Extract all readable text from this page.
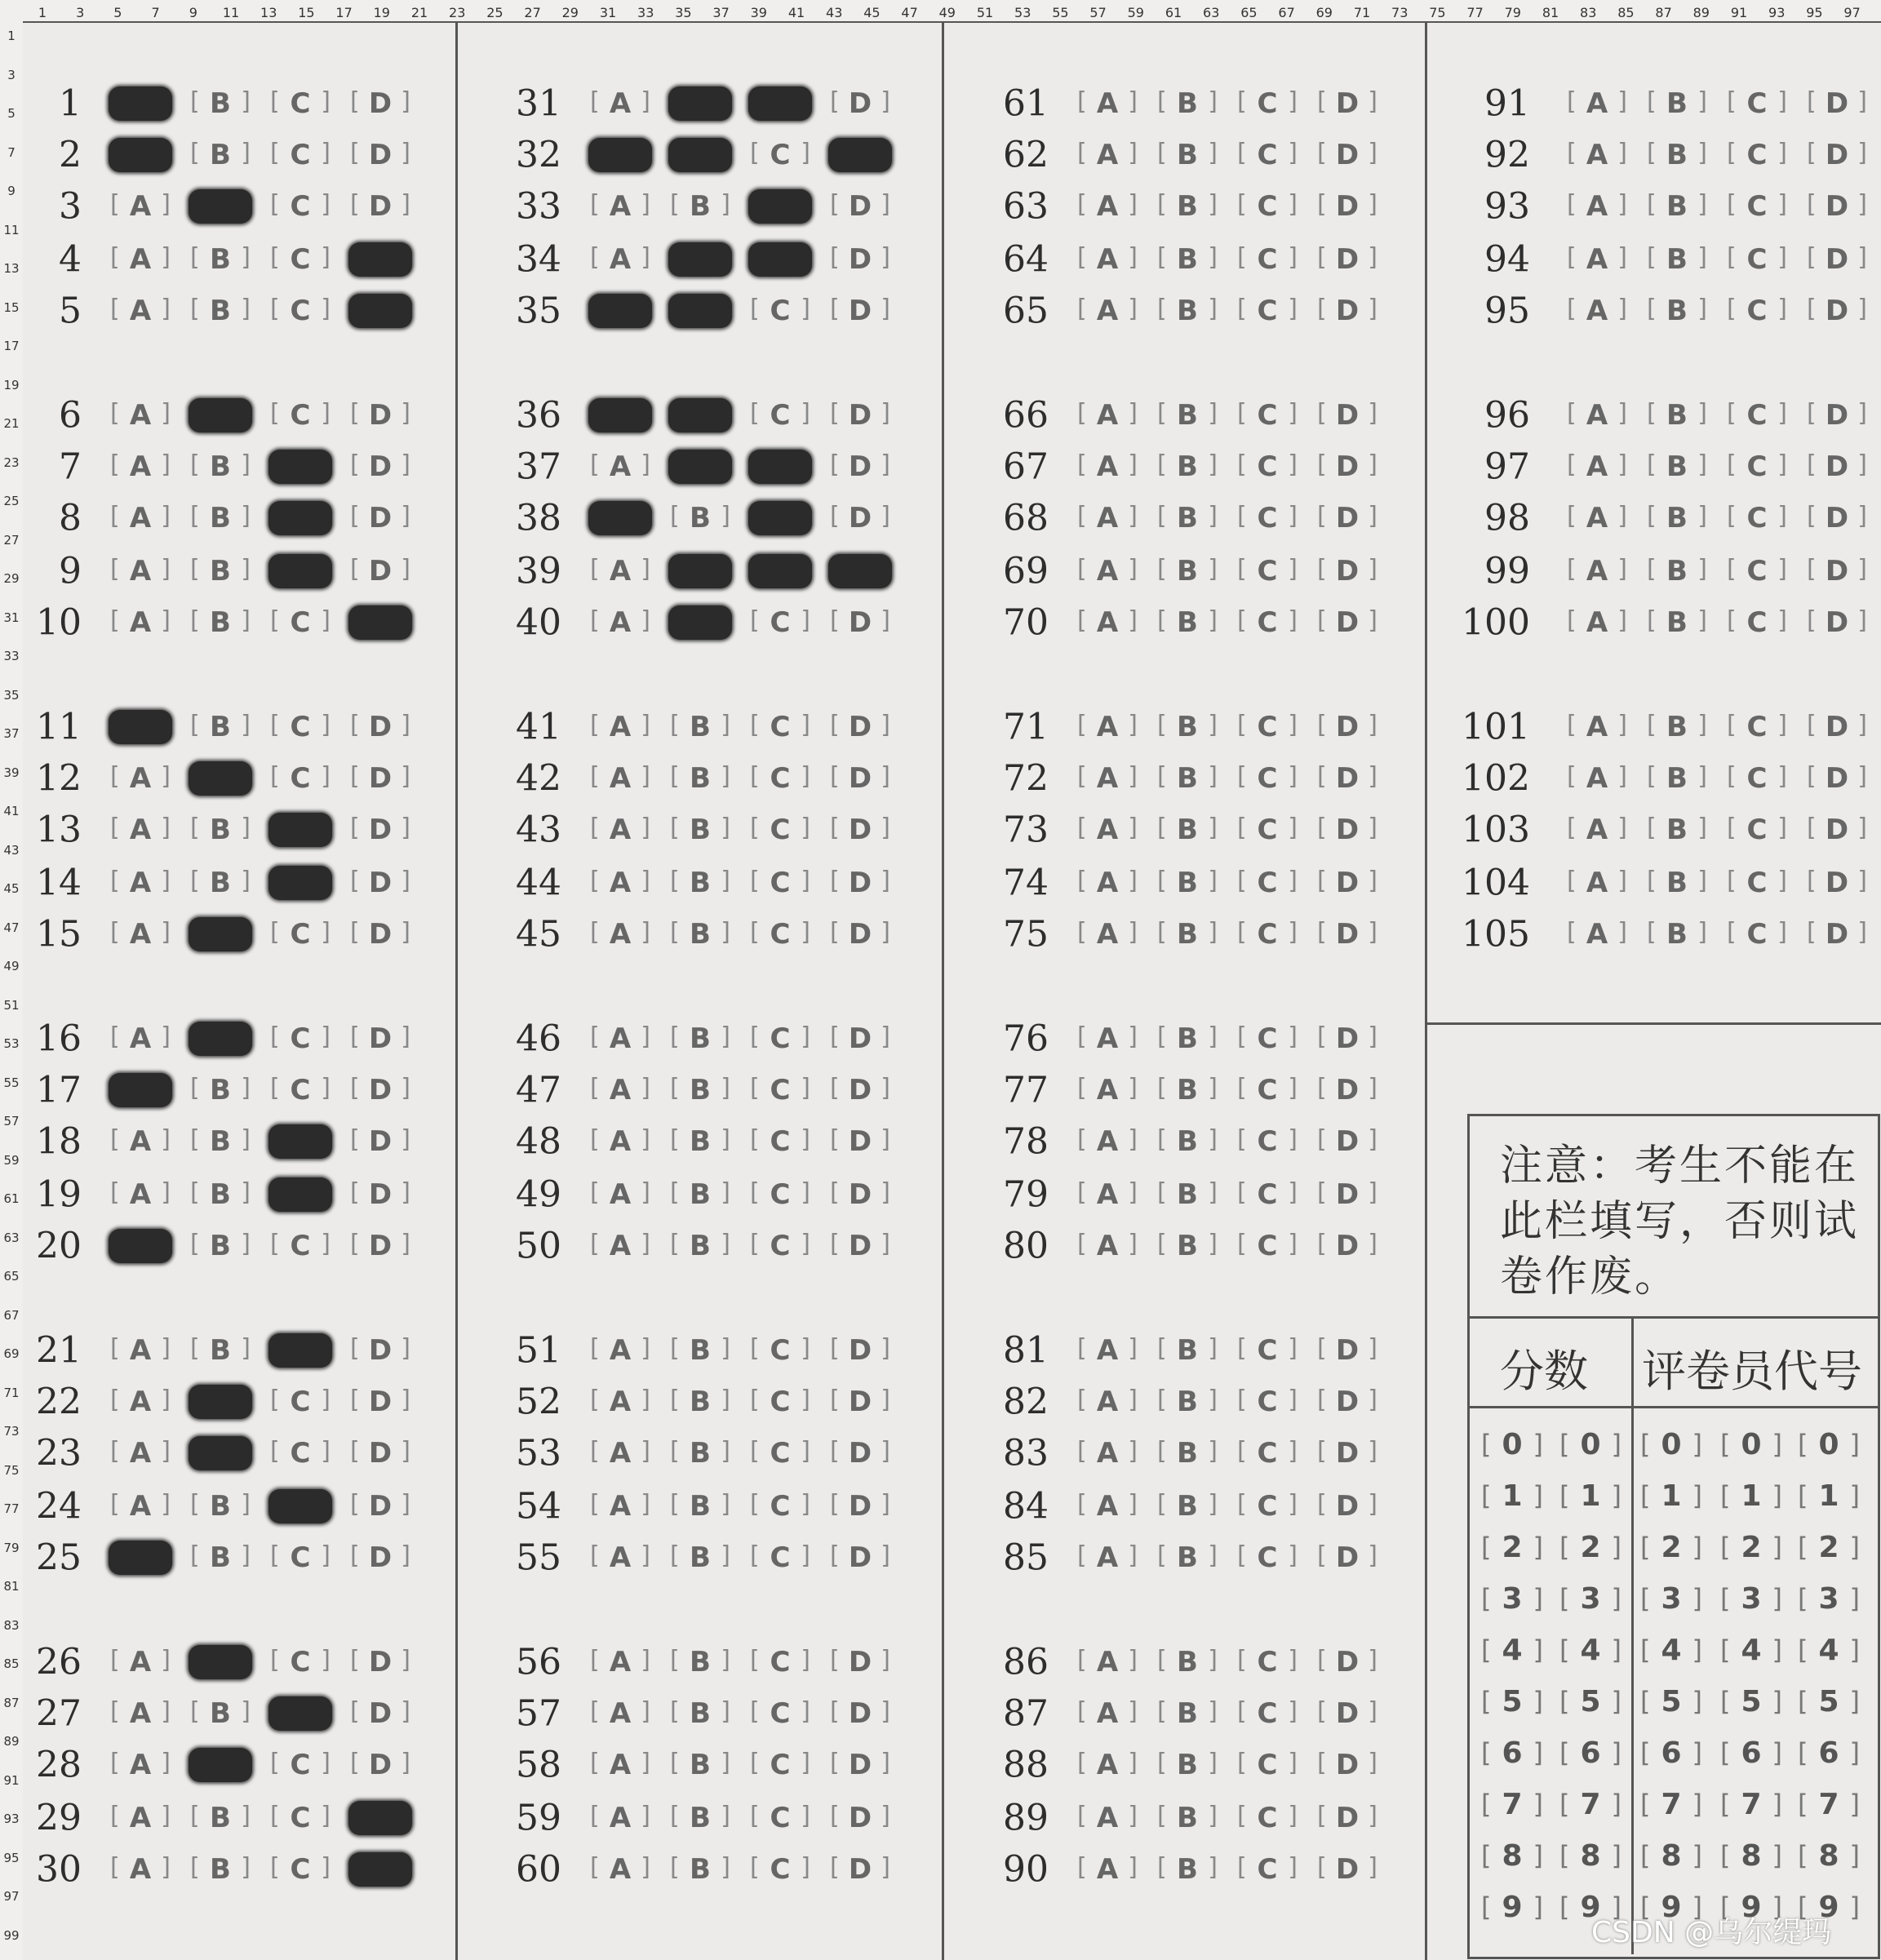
1 3 5 7 9 11 13 15 17 19 21 23 25 27 29 31 33 35 37 39 41 43 45 47 49 51 53 55 57 59 61 63 65 67 69 71 73 75 77 79 81 83 85 87 89 91 93 95 97
1
3
5
7
9
11
13
15
17
19
21
23
25
27
29
31
33
35
37
39
41
43
45
47
49
51
53
55
57
59
61
63
65
67
69
71
73
75
77
79
81
83
85
87
89
91
93
95
97
99
1	[ B ]	[ C ]	[ D ]
2	[ B ]	[ C ]	[ D ]
3	[ A ]	[ C ]	[ D ]
4	[ A ]	[ B ]	[ C ]
5	[ A ]	[ B ]	[ C ]
6	[ A ]	[ C ]	[ D ]
7	[ A ]	[ B ]	[ D ]
8	[ A ]	[ B ]	[ D ]
9	[ A ]	[ B ]	[ D ]
10	[ A ]	[ B ]	[ C ]
11	[ B ]	[ C ]	[ D ]
12	[ A ]	[ C ]	[ D ]
13	[ A ]	[ B ]	[ D ]
14	[ A ]	[ B ]	[ D ]
15	[ A ]	[ C ]	[ D ]
16	[ A ]	[ C ]	[ D ]
17	[ B ]	[ C ]	[ D ]
18	[ A ]	[ B ]	[ D ]
19	[ A ]	[ B ]	[ D ]
20	[ B ]	[ C ]	[ D ]
21	[ A ]	[ B ]	[ D ]
22	[ A ]	[ C ]	[ D ]
23	[ A ]	[ C ]	[ D ]
24	[ A ]	[ B ]	[ D ]
25	[ B ]	[ C ]	[ D ]
26	[ A ]	[ C ]	[ D ]
27	[ A ]	[ B ]	[ D ]
28	[ A ]	[ C ]	[ D ]
29	[ A ]	[ B ]	[ C ]
30	[ A ]	[ B ]	[ C ]
31	[ A ]	[ D ]
32	[ C ]
33	[ A ]	[ B ]	[ D ]
34	[ A ]	[ D ]
35	[ C ]	[ D ]
36	[ C ]	[ D ]
37	[ A ]	[ D ]
38	[ B ]	[ D ]
39	[ A ]
40	[ A ]	[ C ]	[ D ]
41	[ A ]	[ B ]	[ C ]	[ D ]
42	[ A ]	[ B ]	[ C ]	[ D ]
43	[ A ]	[ B ]	[ C ]	[ D ]
44	[ A ]	[ B ]	[ C ]	[ D ]
45	[ A ]	[ B ]	[ C ]	[ D ]
46	[ A ]	[ B ]	[ C ]	[ D ]
47	[ A ]	[ B ]	[ C ]	[ D ]
48	[ A ]	[ B ]	[ C ]	[ D ]
49	[ A ]	[ B ]	[ C ]	[ D ]
50	[ A ]	[ B ]	[ C ]	[ D ]
51	[ A ]	[ B ]	[ C ]	[ D ]
52	[ A ]	[ B ]	[ C ]	[ D ]
53	[ A ]	[ B ]	[ C ]	[ D ]
54	[ A ]	[ B ]	[ C ]	[ D ]
55	[ A ]	[ B ]	[ C ]	[ D ]
56	[ A ]	[ B ]	[ C ]	[ D ]
57	[ A ]	[ B ]	[ C ]	[ D ]
58	[ A ]	[ B ]	[ C ]	[ D ]
59	[ A ]	[ B ]	[ C ]	[ D ]
60	[ A ]	[ B ]	[ C ]	[ D ]
61	[ A ]	[ B ]	[ C ]	[ D ]
62	[ A ]	[ B ]	[ C ]	[ D ]
63	[ A ]	[ B ]	[ C ]	[ D ]
64	[ A ]	[ B ]	[ C ]	[ D ]
65	[ A ]	[ B ]	[ C ]	[ D ]
66	[ A ]	[ B ]	[ C ]	[ D ]
67	[ A ]	[ B ]	[ C ]	[ D ]
68	[ A ]	[ B ]	[ C ]	[ D ]
69	[ A ]	[ B ]	[ C ]	[ D ]
70	[ A ]	[ B ]	[ C ]	[ D ]
71	[ A ]	[ B ]	[ C ]	[ D ]
72	[ A ]	[ B ]	[ C ]	[ D ]
73	[ A ]	[ B ]	[ C ]	[ D ]
74	[ A ]	[ B ]	[ C ]	[ D ]
75	[ A ]	[ B ]	[ C ]	[ D ]
76	[ A ]	[ B ]	[ C ]	[ D ]
77	[ A ]	[ B ]	[ C ]	[ D ]
78	[ A ]	[ B ]	[ C ]	[ D ]
79	[ A ]	[ B ]	[ C ]	[ D ]
80	[ A ]	[ B ]	[ C ]	[ D ]
81	[ A ]	[ B ]	[ C ]	[ D ]
82	[ A ]	[ B ]	[ C ]	[ D ]
83	[ A ]	[ B ]	[ C ]	[ D ]
84	[ A ]	[ B ]	[ C ]	[ D ]
85	[ A ]	[ B ]	[ C ]	[ D ]
86	[ A ]	[ B ]	[ C ]	[ D ]
87	[ A ]	[ B ]	[ C ]	[ D ]
88	[ A ]	[ B ]	[ C ]	[ D ]
89	[ A ]	[ B ]	[ C ]	[ D ]
90	[ A ]	[ B ]	[ C ]	[ D ]
91	[ A ]	[ B ]	[ C ]	[ D ]
92	[ A ]	[ B ]	[ C ]	[ D ]
93	[ A ]	[ B ]	[ C ]	[ D ]
94	[ A ]	[ B ]	[ C ]	[ D ]
95	[ A ]	[ B ]	[ C ]	[ D ]
96	[ A ]	[ B ]	[ C ]	[ D ]
97	[ A ]	[ B ]	[ C ]	[ D ]
98	[ A ]	[ B ]	[ C ]	[ D ]
99	[ A ]	[ B ]	[ C ]	[ D ]
100	[ A ]	[ B ]	[ C ]	[ D ]
101	[ A ]	[ B ]	[ C ]	[ D ]
102	[ A ]	[ B ]	[ C ]	[ D ]
103	[ A ]	[ B ]	[ C ]	[ D ]
104	[ A ]	[ B ]	[ C ]	[ D ]
105	[ A ]	[ B ]	[ C ]	[ D ]
注意：考生不能在此栏填写，否则试卷作废。
分数 评卷员代号
[ 0 ]	[ 0 ]	[ 0 ]	[ 0 ]	[ 0 ]
[ 1 ]	[ 1 ]	[ 1 ]	[ 1 ]	[ 1 ]
[ 2 ]	[ 2 ]	[ 2 ]	[ 2 ]	[ 2 ]
[ 3 ]	[ 3 ]	[ 3 ]	[ 3 ]	[ 3 ]
[ 4 ]	[ 4 ]	[ 4 ]	[ 4 ]	[ 4 ]
[ 5 ]	[ 5 ]	[ 5 ]	[ 5 ]	[ 5 ]
[ 6 ]	[ 6 ]	[ 6 ]	[ 6 ]	[ 6 ]
[ 7 ]	[ 7 ]	[ 7 ]	[ 7 ]	[ 7 ]
[ 8 ]	[ 8 ]	[ 8 ]	[ 8 ]	[ 8 ]
[ 9 ]	[ 9 ]	[ 9 ]	[ 9 ]	[ 9 ]
CSDN @乌尔缇玛
